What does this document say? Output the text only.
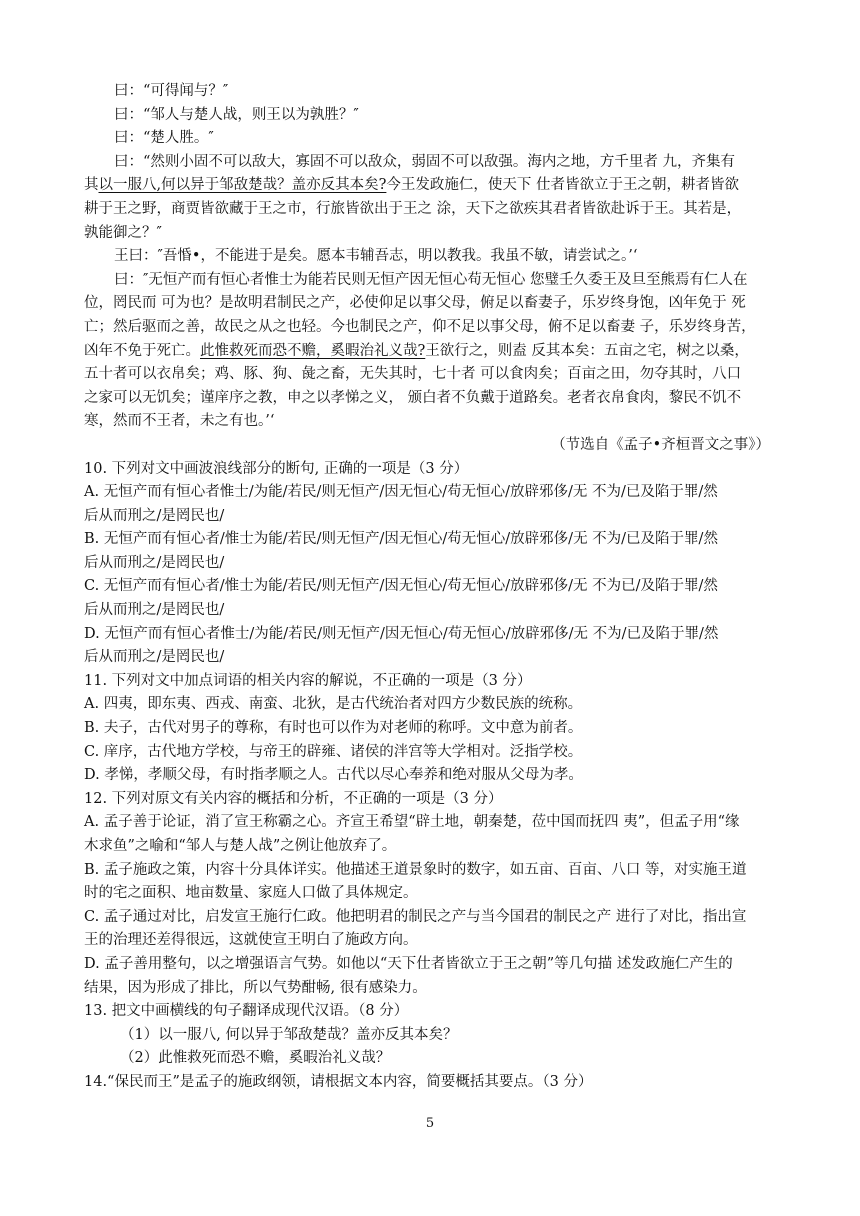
曰：“可得闻与？″
曰：“邹人与楚人战，则王以为孰胜？″
曰：“楚人胜。″
曰：“然则小固不可以敌大，寡固不可以敌众，弱固不可以敌强。海内之地，方千里者 九，齐集有
其以一服八,何以异于邹敌楚哉？盖亦反其本矣?今王发政施仁，使天下 仕者皆欲立于王之朝，耕者皆欲
耕于王之野，商贾皆欲藏于王之市，行旅皆欲出于王之 涂，天下之欲疾其君者皆欲赴诉于王。其若是，
孰能御之？″
王曰：″吾惛•，不能进于是矣。愿本韦辅吾志，明以教我。我虽不敏，请尝试之。’‘
曰：″无恒产而有恒心者惟士为能若民则无恒产因无恒心苟无恒心 您璧壬久委王及旦至熊焉有仁人在
位，罔民而 可为也？是故明君制民之产，必使仰足以事父母，俯足以畜妻子，乐岁终身饱，凶年免于 死
亡；然后驱而之善，故民之从之也轻。今也制民之产，仰不足以事父母，俯不足以畜妻 子，乐岁终身苦，
凶年不免于死亡。此惟救死而恐不赡，奚暇治礼义哉?王欲行之，则盍 反其本矣：五亩之宅，树之以桑，
五十者可以衣帛矣；鸡、豚、狗、彘之畜，无失其时，七十者 可以食肉矣；百亩之田，勿夺其时，八口
之家可以无饥矣；谨庠序之教，申之以孝悌之义， 颁白者不负戴于道路矣。老者衣帛食肉，黎民不饥不
寒，然而不王者，未之有也。’‘
（节选自《孟子•齐桓晋文之事》）
10. 下列对文中画波浪线部分的断句, 正确的一项是（3 分）
A. 无恒产而有恒心者惟士/为能/若民/则无恒产/因无恒心/苟无恒心/放辟邪侈/无 不为/已及陷于罪/然
后从而刑之/是罔民也/
B. 无恒产而有恒心者/惟士为能/若民/则无恒产/因无恒心/苟无恒心/放辟邪侈/无 不为/已及陷于罪/然
后从而刑之/是罔民也/
C. 无恒产而有恒心者/惟士为能/若民/则无恒产/因无恒心/苟无恒心/放辟邪侈/无 不为已/及陷于罪/然
后从而刑之/是罔民也/
D. 无恒产而有恒心者惟士/为能/若民/则无恒产/因无恒心/苟无恒心/放辟邪侈/无 不为/已及陷于罪/然
后从而刑之/是罔民也/
11. 下列对文中加点词语的相关内容的解说，不正确的一项是（3 分）
A. 四夷，即东夷、西戎、南蛮、北狄，是古代统治者对四方少数民族的统称。
B. 夫子，古代对男子的尊称，有时也可以作为对老师的称呼。文中意为前者。
C. 庠序，古代地方学校，与帝王的辟雍、诸侯的泮宫等大学相对。泛指学校。
D. 孝悌，孝顺父母，有时指孝顺之人。古代以尽心奉养和绝对服从父母为孝。
12. 下列对原文有关内容的概括和分析，不正确的一项是（3 分）
A. 孟子善于论证，消了宣王称霸之心。齐宣王希望“辟土地，朝秦楚，莅中国而抚四 夷”，但孟子用“缘
木求鱼”之喻和“邹人与楚人战”之例让他放弃了。
B. 孟子施政之策，内容十分具体详实。他描述王道景象时的数字，如五亩、百亩、八口 等，对实施王道
时的宅之面积、地亩数量、家庭人口做了具体规定。
C. 孟子通过对比，启发宣王施行仁政。他把明君的制民之产与当今国君的制民之产 进行了对比，指出宣
王的治理还差得很远，这就使宣王明白了施政方向。
D. 孟子善用整句，以之增强语言气势。如他以“天下仕者皆欲立于王之朝”等几句描 述发政施仁产生的
结果，因为形成了排比，所以气势酣畅, 很有感染力。
13. 把文中画横线的句子翻译成现代汉语。（8 分）
（1）以一服八, 何以异于邹敌楚哉？盖亦反其本矣？
（2）此惟救死而恐不赡，奚暇治礼义哉？
14.“保民而王”是孟子的施政纲领，请根据文本内容，简要概括其要点。（3 分）
5
